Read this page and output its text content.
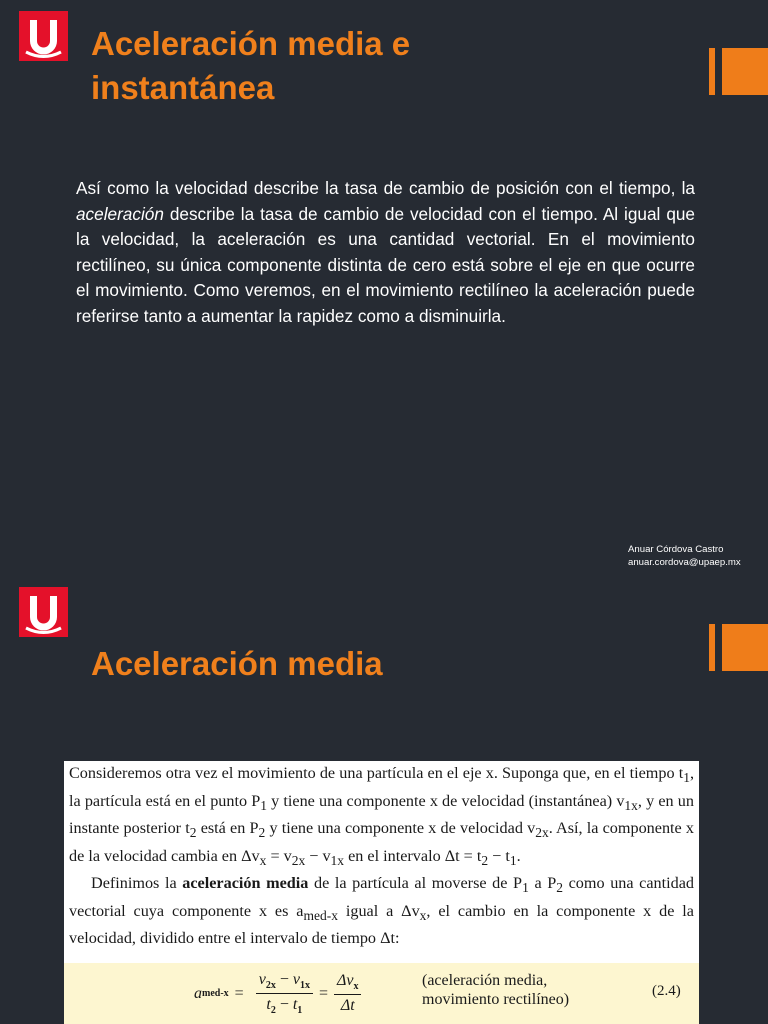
Aceleración media e
instantánea

Así como la velocidad describe la tasa de cambio de posición con el tiempo, la aceleración describe la tasa de cambio de velocidad con el tiempo. Al igual que la velocidad, la aceleración es una cantidad vectorial. En el movimiento rectilíneo, su única componente distinta de cero está sobre el eje en que ocurre el movimiento. Como veremos, en el movimiento rectilíneo la aceleración puede referirse tanto a aumentar la rapidez como a disminuirla.

Anuar Córdova Castro
anuar.cordova@upaep.mx
Aceleración media

Consideremos otra vez el movimiento de una partícula en el eje x. Suponga que, en el tiempo $t_1$, la partícula está en el punto $P_1$ y tiene una componente x de velocidad (instantánea) $v_{1x}$, y en un instante posterior $t_2$ está en $P_2$ y tiene una componente x de velocidad $v_{2x}$. Así, la componente x de la velocidad cambia en $\Delta v_x = v_{2x} - v_{1x}$ en el intervalo $\Delta t = t_2 - t_1$.

Definimos la aceleración media de la partícula al moverse de $P_1$ a $P_2$ como una cantidad vectorial cuya componente x es $a_{med-x}$ igual a $\Delta v_x$, el cambio en la componente x de la velocidad, dividido entre el intervalo de tiempo Δt:

a $med-x = \frac{v_{2x} - v_{1x}}{t_2 - t_1} = \frac{\Delta v_x}{\Delta t}$	(aceleración media,
movimiento rectilíneo)	(2.4)
